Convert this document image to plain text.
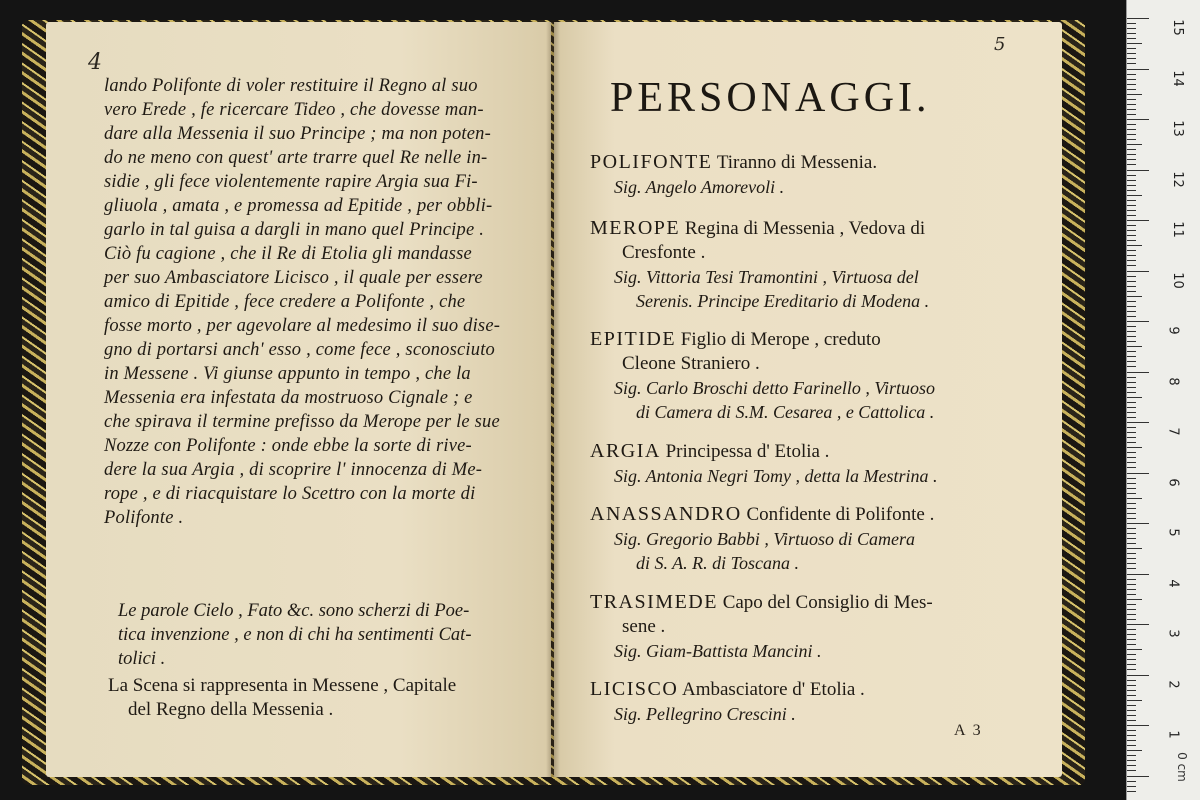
4
lando Polifonte di voler restituire il Regno al suo
vero Erede , fe ricercare Tideo , che dovesse man-
dare alla Messenia il suo Principe ; ma non poten-
do ne meno con quest' arte trarre quel Re nelle in-
sidie , gli fece violentemente rapire Argia sua Fi-
gliuola , amata , e promessa ad Epitide , per obbli-
garlo in tal guisa a dargli in mano quel Principe .
Ciò fu cagione , che il Re di Etolia gli mandasse
per suo Ambasciatore Licisco , il quale per essere
amico di Epitide , fece credere a Polifonte , che
fosse morto , per agevolare al medesimo il suo dise-
gno di portarsi anch' esso , come fece , sconosciuto
in Messene . Vi giunse appunto in tempo , che la
Messenia era infestata da mostruoso Cignale ; e
che spirava il termine prefisso da Merope per le sue
Nozze con Polifonte : onde ebbe la sorte di rive-
dere la sua Argia , di scoprire l' innocenza di Me-
rope , e di riacquistare lo Scettro con la morte di
Polifonte .
Le parole Cielo , Fato &c. sono scherzi di Poe-
tica invenzione , e non di chi ha sentimenti Cat-
tolici .
La Scena si rappresenta in Messene , Capitale
del Regno della Messenia .
5
PERSONAGGI.
POLIFONTE Tiranno di Messenia.
Sig. Angelo Amorevoli .
MEROPE Regina di Messenia , Vedova di
Cresfonte .
Sig. Vittoria Tesi Tramontini , Virtuosa del
Serenis. Principe Ereditario di Modena .
EPITIDE Figlio di Merope , creduto
Cleone Straniero .
Sig. Carlo Broschi detto Farinello , Virtuoso
di Camera di S.M. Cesarea , e Cattolica .
ARGIA Principessa d' Etolia .
Sig. Antonia Negri Tomy , detta la Mestrina .
ANASSANDRO Confidente di Polifonte .
Sig. Gregorio Babbi , Virtuoso di Camera
di S. A. R. di Toscana .
TRASIMEDE Capo del Consiglio di Mes-
sene .
Sig. Giam-Battista Mancini .
LICISCO Ambasciatore d' Etolia .
Sig. Pellegrino Crescini .
A 3
0 cm
15
14
13
12
11
10
9
8
7
6
5
4
3
2
1
